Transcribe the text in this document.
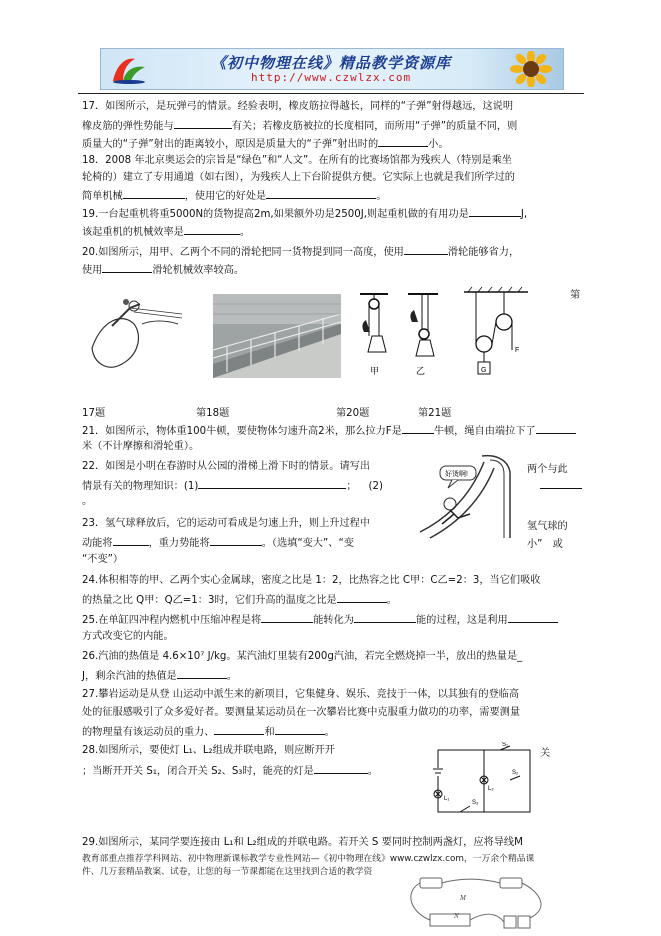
《初中物理在线》精品教学资源库
http://www.czwlzx.com
17．如图所示，是玩弹弓的情景。经验表明，橡皮筋拉得越长，同样的“子弹”射得越远，这说明
橡皮筋的弹性势能与	有关；若橡皮筋被拉的长度相同，而所用“子弹”的质量不同，则
质量大的“子弹”射出的距离较小，原因是质量大的“子弹”射出时的	小。
18．2008 年北京奥运会的宗旨是“绿色”和“人文”。在所有的比赛场馆都为残疾人（特别是乘坐
轮椅的）建立了专用通道（如右图），为残疾人上下台阶提供方便。它实际上也就是我们所学过的
简单机械	，使用它的好处是	。
19.一台起重机将重5000N的货物提高2m,如果额外功是2500J,则起重机做的有用功是	J,
该起重机的机械效率是	。
20.如图所示，用甲、乙两个不同的滑轮把同一货物提到同一高度，使用	滑轮能够省力，
使用	滑轮机械效率较高。
第
甲	乙	G
F
17题	第18题	第20题	第21题
21．如图所示，物体重100牛顿，要使物体匀速升高2米，那么拉力F是	牛顿，绳自由端拉下了
米（不计摩擦和滑轮重）。
22．如图是小明在春游时从公园的滑梯上滑下时的情景。请写出	两个与此
情景有关的物理知识：(1)	； (2)
。
好烫啊!
23．氢气球释放后，它的运动可看成是匀速上升，则上升过程中	氢气球的
动能将	，重力势能将	。（选填“变大”、“变	小”　或
“不变”）
24.体积相等的甲、乙两个实心金属球，密度之比是 1：2，比热容之比 C甲：C乙=2：3，当它们吸收
的热量之比 Q甲：Q乙=1：3时，它们升高的温度之比是	。
25.在单缸四冲程内燃机中压缩冲程是将	能转化为	能的过程，这是利用
方式改变它的内能。
26.汽油的热值是 4.6×10⁷ J/kg。某汽油灯里装有200g汽油，若完全燃烧掉一半，放出的热量是_
J，剩余汽油的热值是	。
27.攀岩运动是从登 山运动中派生来的新项目，它集健身、娱乐、竞技于一体，以其独有的登临高
处的征服感吸引了众多爱好者。要测量某运动员在一次攀岩比赛中克服重力做功的功率，需要测量
的物理量有该运动员的重力、	和	。
28.如图所示，要使灯 L₁、L₂组成并联电路，则应断开开	关
；当断开开关 S₁，闭合开关 S₂、S₃时，能亮的灯是	。
S₁
S₂
S₃
L₁
L₂
29.如图所示，某同学要连接由 L₁和 L₂组成的并联电路。若开关 S 要同时控制两盏灯，应将导线M
教育部重点推荐学科网站、初中物理新课标教学专业性网站—《初中物理在线》www.czwlzx.com，一万余个精品课
件、几万套精品教案、试卷，让您的每一节课都能在这里找到合适的教学资
M
N
